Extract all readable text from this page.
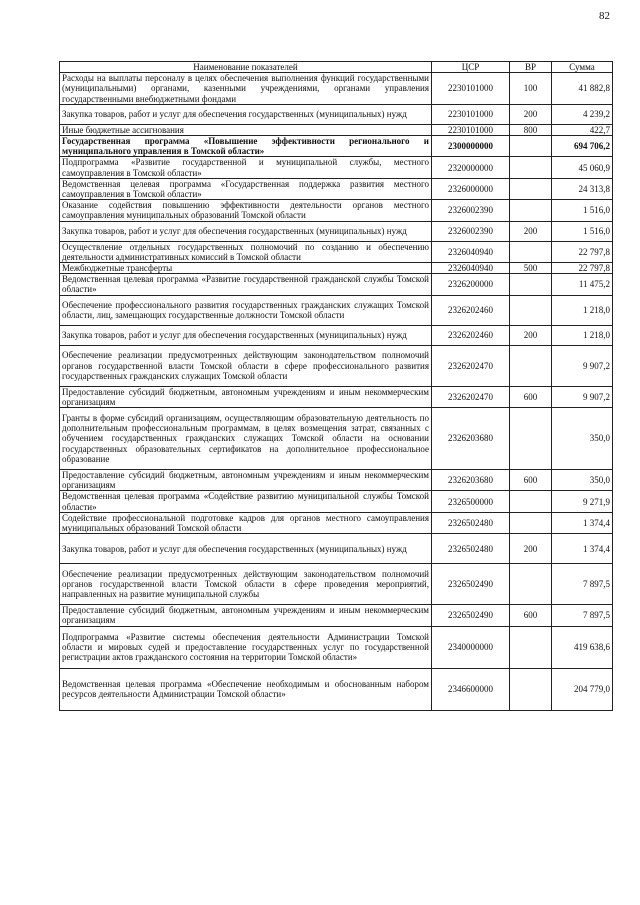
82
Наименование показателей	ЦСР	ВР	Сумма
Расходы на выплаты персоналу в целях обеспечения выполнения функций государственными (муниципальными) органами, казенными учреждениями, органами управления государственными внебюджетными фондами	2230101000	100	41 882,8
Закупка товаров, работ и услуг для обеспечения государственных (муниципальных) нужд	2230101000	200	4 239,2
Иные бюджетные ассигнования	2230101000	800	422,7
Государственная программа «Повышение эффективности регионального и муниципального управления в Томской области»	2300000000		694 706,2
Подпрограмма «Развитие государственной и муниципальной службы, местного самоуправления в Томской области»	2320000000		45 060,9
Ведомственная целевая программа «Государственная поддержка развития местного самоуправления в Томской области»	2326000000		24 313,8
Оказание содействия повышению эффективности деятельности органов местного самоуправления муниципальных образований Томской области	2326002390		1 516,0
Закупка товаров, работ и услуг для обеспечения государственных (муниципальных) нужд	2326002390	200	1 516,0
Осуществление отдельных государственных полномочий по созданию и обеспечению деятельности административных комиссий в Томской области	2326040940		22 797,8
Межбюджетные трансферты	2326040940	500	22 797,8
Ведомственная целевая программа «Развитие государственной гражданской службы Томской области»	2326200000		11 475,2
Обеспечение профессионального развития государственных гражданских служащих Томской области, лиц, замещающих государственные должности Томской области	2326202460		1 218,0
Закупка товаров, работ и услуг для обеспечения государственных (муниципальных) нужд	2326202460	200	1 218,0
Обеспечение реализации предусмотренных действующим законодательством полномочий органов государственной власти Томской области в сфере профессионального развития государственных гражданских служащих Томской области	2326202470		9 907,2
Предоставление субсидий бюджетным, автономным учреждениям и иным некоммерческим организациям	2326202470	600	9 907,2
Гранты в форме субсидий организациям, осуществляющим образовательную деятельность по дополнительным профессиональным программам, в целях возмещения затрат, связанных с обучением государственных гражданских служащих Томской области на основании государственных образовательных сертификатов на дополнительное профессиональное образование	2326203680		350,0
Предоставление субсидий бюджетным, автономным учреждениям и иным некоммерческим организациям	2326203680	600	350,0
Ведомственная целевая программа «Содействие развитию муниципальной службы Томской области»	2326500000		9 271,9
Содействие профессиональной подготовке кадров для органов местного самоуправления муниципальных образований Томской области	2326502480		1 374,4
Закупка товаров, работ и услуг для обеспечения государственных (муниципальных) нужд	2326502480	200	1 374,4
Обеспечение реализации предусмотренных действующим законодательством полномочий органов государственной власти Томской области в сфере проведения мероприятий, направленных на развитие муниципальной службы	2326502490		7 897,5
Предоставление субсидий бюджетным, автономным учреждениям и иным некоммерческим организациям	2326502490	600	7 897,5
Подпрограмма «Развитие системы обеспечения деятельности Администрации Томской области и мировых судей и предоставление государственных услуг по государственной регистрации актов гражданского состояния на территории Томской области»	2340000000		419 638,6
Ведомственная целевая программа «Обеспечение необходимым и обоснованным набором ресурсов деятельности Администрации Томской области»	2346600000		204 779,0
